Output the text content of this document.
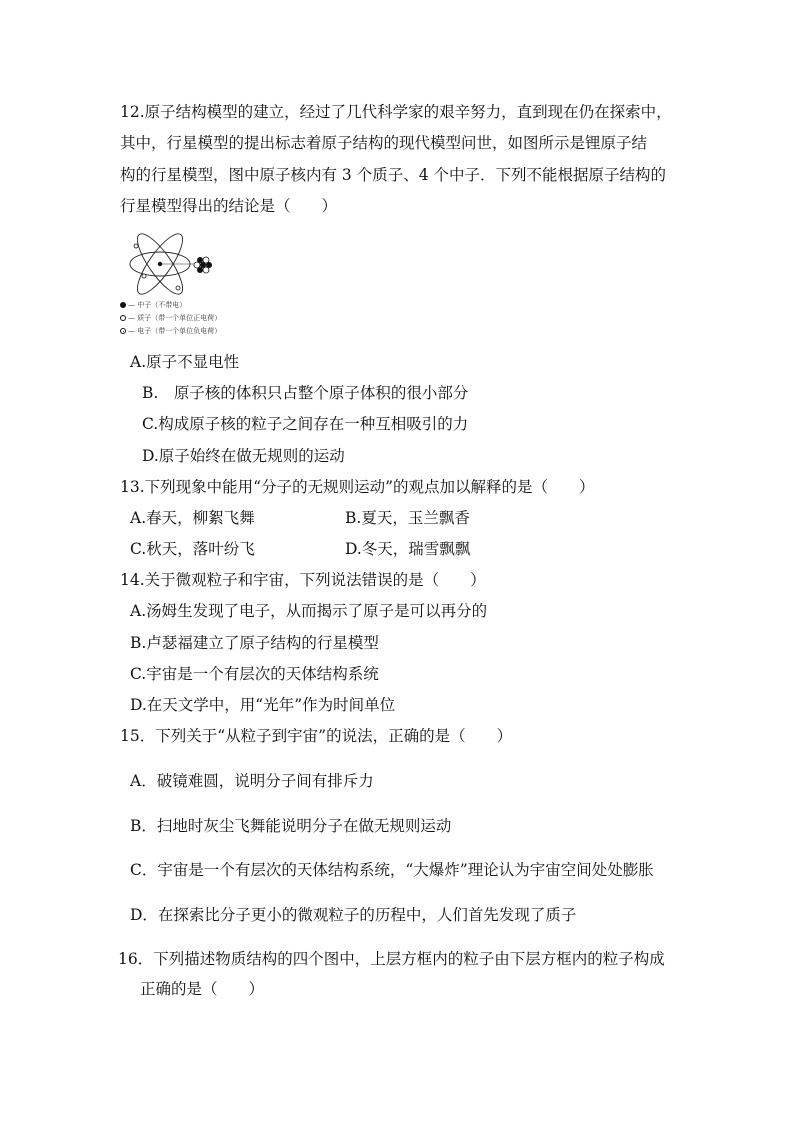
12.原子结构模型的建立，经过了几代科学家的艰辛努力，直到现在仍在探索中，
其中，行星模型的提出标志着原子结构的现代模型问世，如图所示是锂原子结
构的行星模型，图中原子核内有 3 个质子、4 个中子．下列不能根据原子结构的
行星模型得出的结论是（　　）
— 中子（不带电）
— 质子（带一个单位正电荷）
— 电子（带一个单位负电荷）
A.原子不显电性
B.　原子核的体积只占整个原子体积的很小部分
C.构成原子核的粒子之间存在一种互相吸引的力
D.原子始终在做无规则的运动
13.下列现象中能用“分子的无规则运动”的观点加以解释的是（　　）
A.春天，柳絮飞舞	B.夏天，玉兰飘香
C.秋天，落叶纷飞	D.冬天，瑞雪飘飘
14.关于微观粒子和宇宙，下列说法错误的是（　　）
A.汤姆生发现了电子，从而揭示了原子是可以再分的
B.卢瑟福建立了原子结构的行星模型
C.宇宙是一个有层次的天体结构系统
D.在天文学中，用“光年”作为时间单位
15．下列关于“从粒子到宇宙”的说法，正确的是（　　）
A．破镜难圆，说明分子间有排斥力
B．扫地时灰尘飞舞能说明分子在做无规则运动
C．宇宙是一个有层次的天体结构系统，“大爆炸”理论认为宇宙空间处处膨胀
D．在探索比分子更小的微观粒子的历程中，人们首先发现了质子
16．下列描述物质结构的四个图中，上层方框内的粒子由下层方框内的粒子构成
正确的是（　　）
